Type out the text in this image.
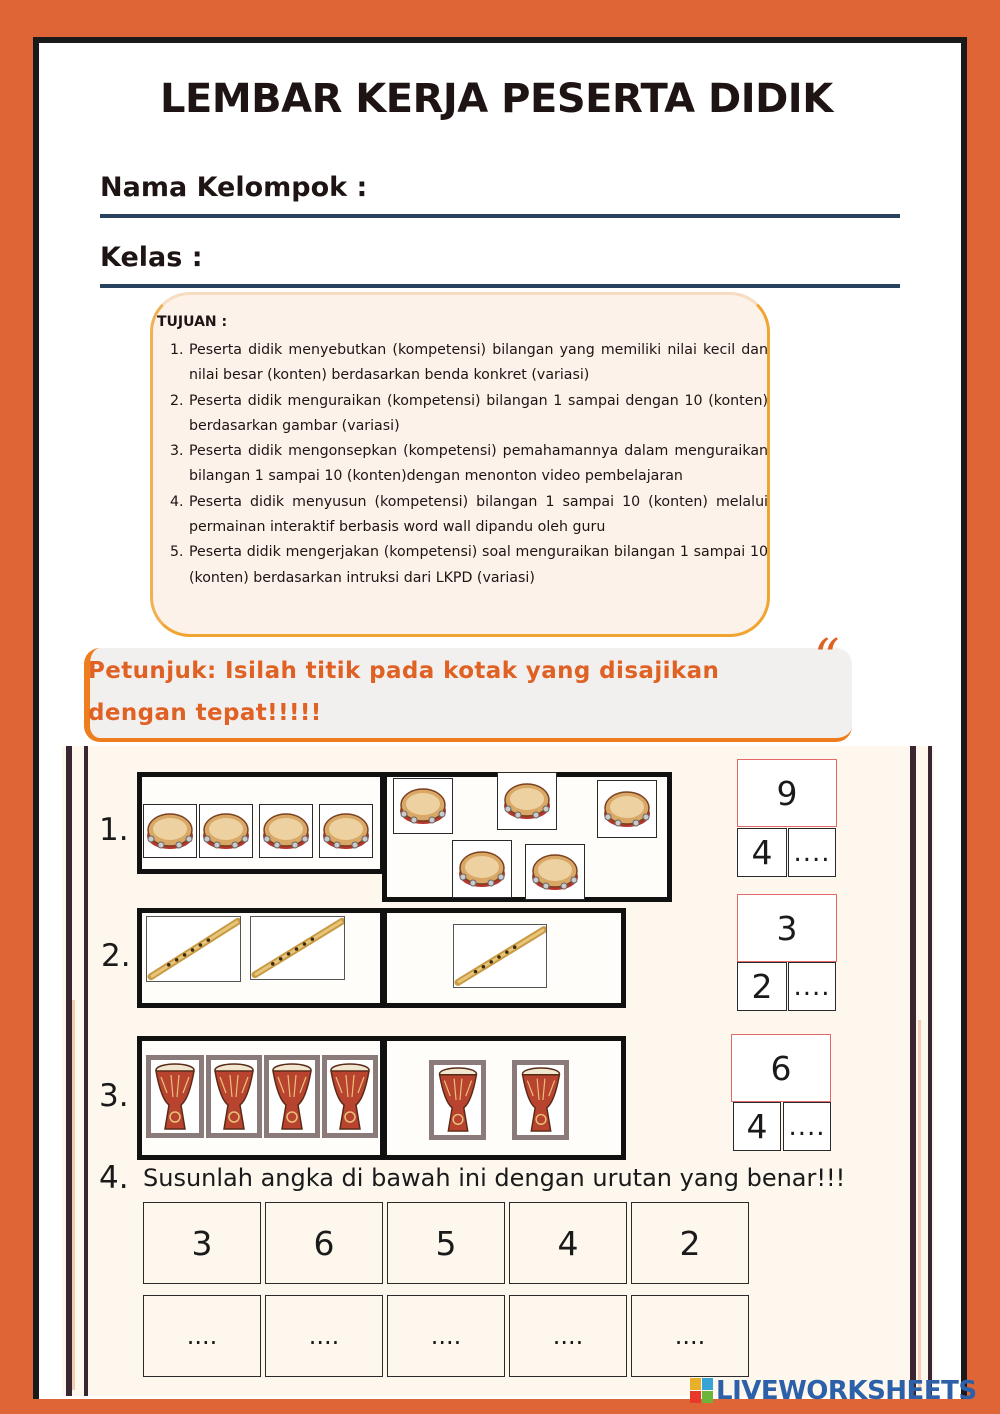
LEMBAR KERJA PESERTA DIDIK
Nama Kelompok :
Kelas :
TUJUAN :
1. Peserta didik menyebutkan (kompetensi) bilangan yang memiliki nilai kecil dan nilai besar (konten) berdasarkan benda konkret (variasi)
2. Peserta didik menguraikan (kompetensi) bilangan 1 sampai dengan 10 (konten) berdasarkan gambar (variasi)
3. Peserta didik mengonsepkan (kompetensi) pemahamannya dalam menguraikan bilangan 1 sampai 10 (konten)dengan menonton video pembelajaran
4. Peserta didik menyusun (kompetensi) bilangan 1 sampai 10 (konten) melalui permainan interaktif berbasis word wall dipandu oleh guru
5. Peserta didik mengerjakan (kompetensi) soal menguraikan bilangan 1 sampai 10 (konten) berdasarkan intruksi dari LKPD (variasi)
Petunjuk: Isilah titik pada kotak yang disajikan dengan tepat!!!!!
“
1.
9
4 ....
2.
3
2 ....
3.
6
4 ....
4. Susunlah angka di bawah ini dengan urutan yang benar!!!
3	6	5	4	2
....	....	....	....	....
LIVEWORKSHEETS
